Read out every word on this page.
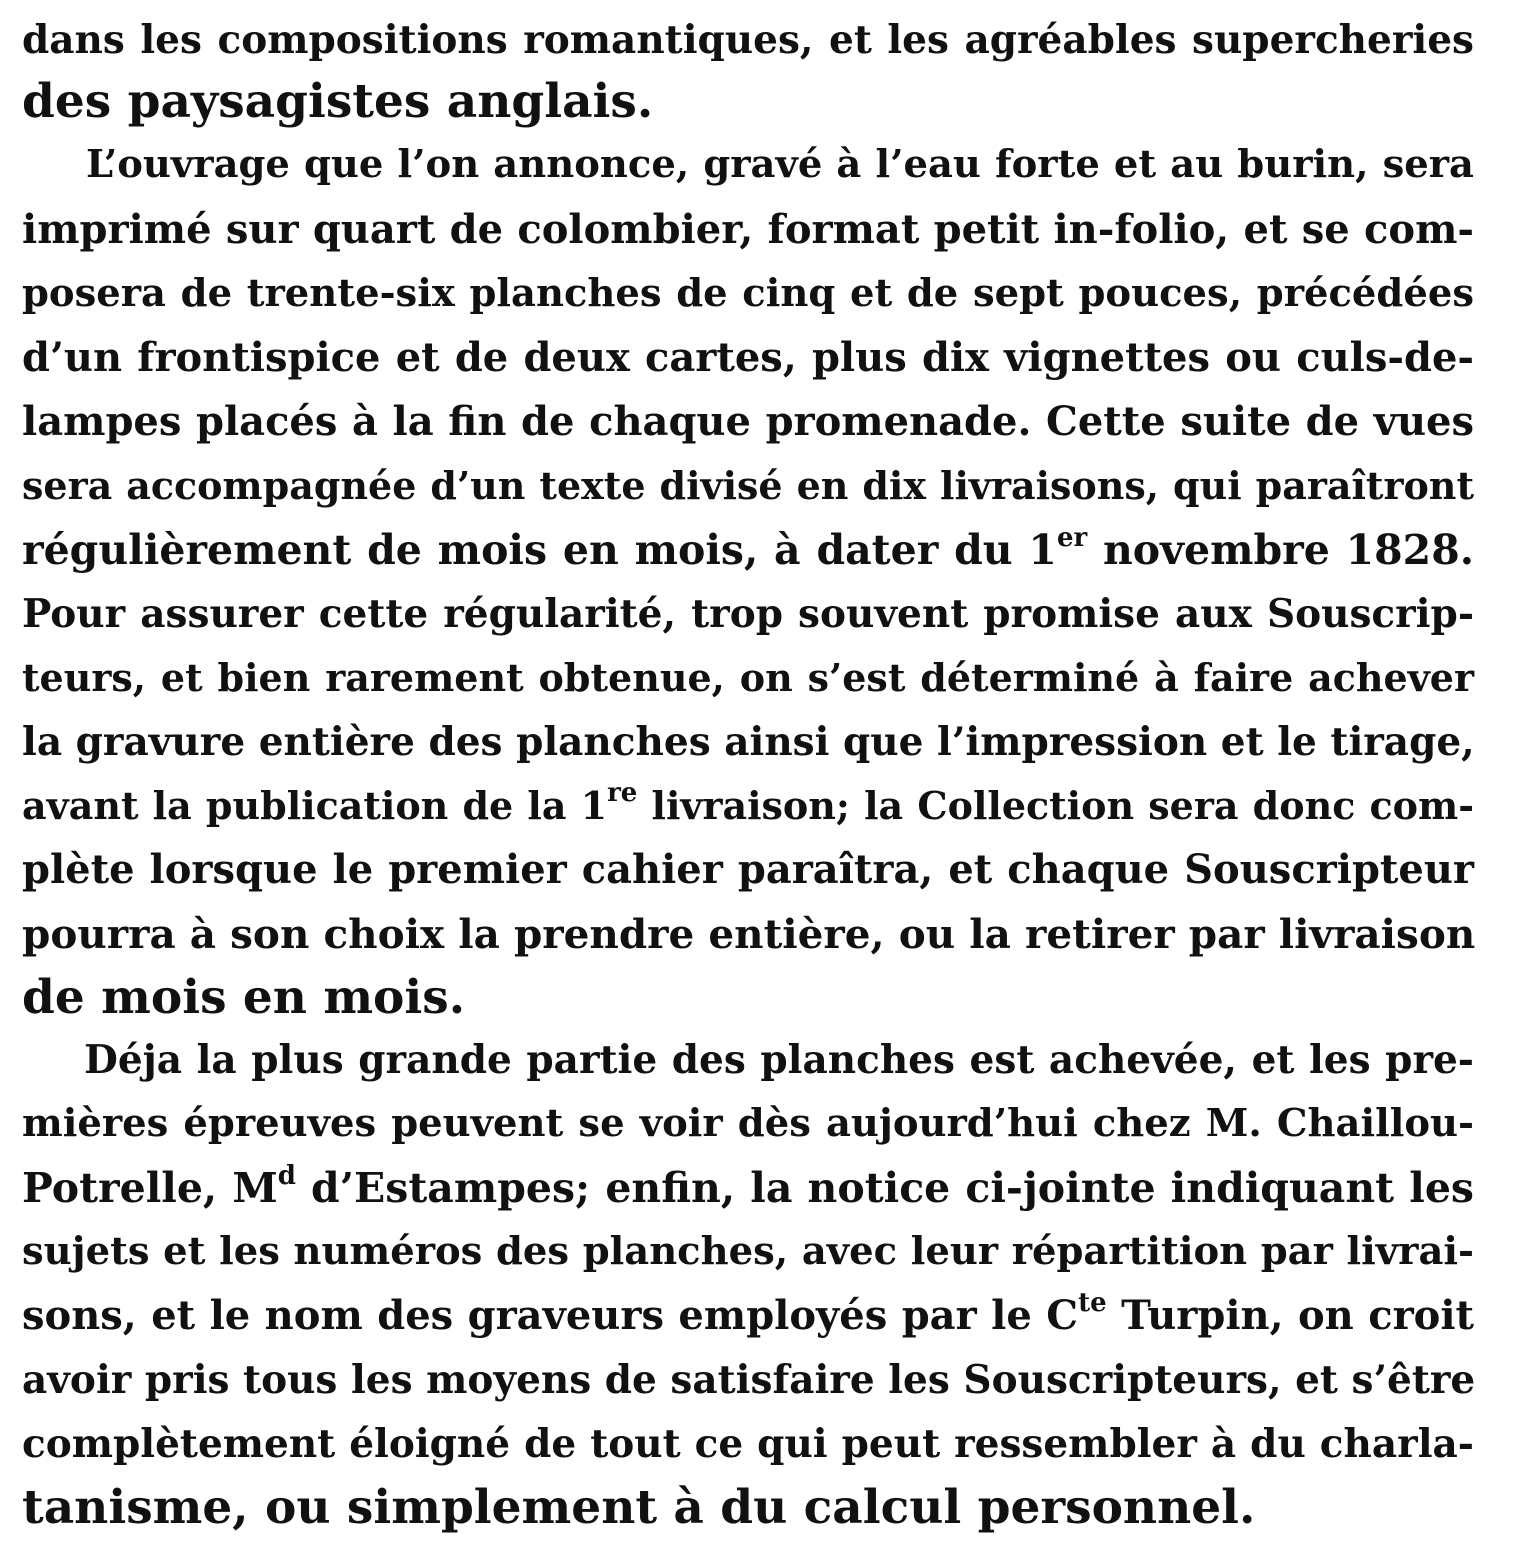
dans les compositions romantiques, et les agréables supercheries
des paysagistes anglais.
L’ouvrage que l’on annonce, gravé à l’eau forte et au burin, sera
imprimé sur quart de colombier, format petit in-folio, et se com-
posera de trente-six planches de cinq et de sept pouces, précédées
d’un frontispice et de deux cartes, plus dix vignettes ou culs-de-
lampes placés à la fin de chaque promenade. Cette suite de vues
sera accompagnée d’un texte divisé en dix livraisons, qui paraîtront
régulièrement de mois en mois, à dater du 1er novembre 1828.
Pour assurer cette régularité, trop souvent promise aux Souscrip-
teurs, et bien rarement obtenue, on s’est déterminé à faire achever
la gravure entière des planches ainsi que l’impression et le tirage,
avant la publication de la 1re livraison; la Collection sera donc com-
plète lorsque le premier cahier paraîtra, et chaque Souscripteur
pourra à son choix la prendre entière, ou la retirer par livraison
de mois en mois.
Déja la plus grande partie des planches est achevée, et les pre-
mières épreuves peuvent se voir dès aujourd’hui chez M. Chaillou-
Potrelle, $M^d$ d’Estampes; enfin, la notice ci-jointe indiquant les
sujets et les numéros des planches, avec leur répartition par livrai-
sons, et le nom des graveurs employés par le $C^{te}$ Turpin, on croit
avoir pris tous les moyens de satisfaire les Souscripteurs, et s’être
complètement éloigné de tout ce qui peut ressembler à du charla-
tanisme, ou simplement à du calcul personnel.
